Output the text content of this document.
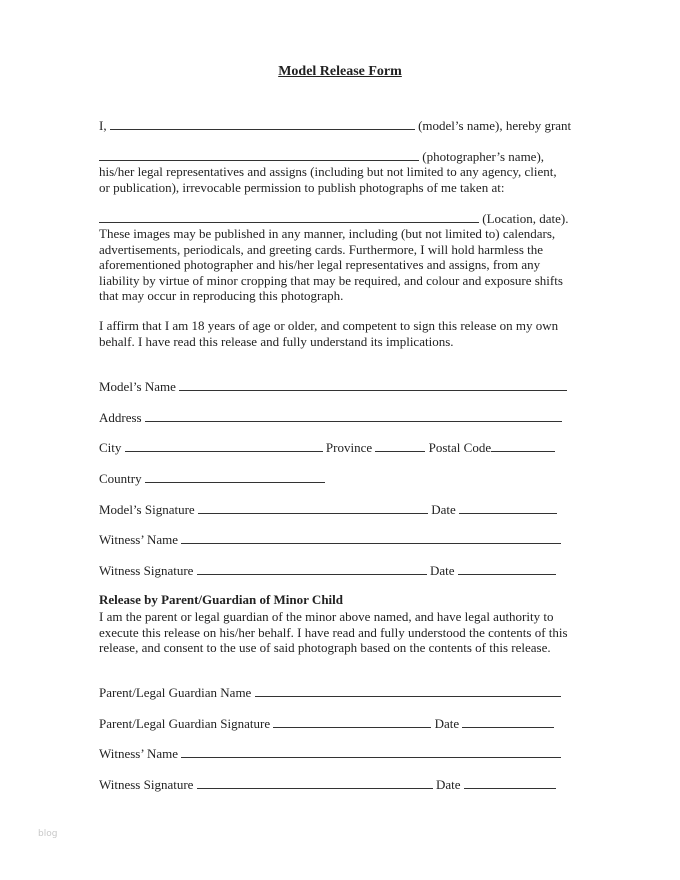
Model Release Form
I,	(model’s name), hereby grant
(photographer’s name),
his/her legal representatives and assigns (including but not limited to any agency, client,
or publication), irrevocable permission to publish photographs of me taken at:
(Location, date).

These images may be published in any manner, including (but not limited to) calendars, advertisements, periodicals, and greeting cards. Furthermore, I will hold harmless the aforementioned photographer and his/her legal representatives and assigns, from any liability by virtue of minor cropping that may be required, and colour and exposure shifts that may occur in reproducing this photograph.

I affirm that I am 18 years of age or older, and competent to sign this release on my own behalf. I have read this release and fully understand its implications.

Model’s Name
Address
City	Province	Postal Code
Country
Model’s Signature	Date
Witness’ Name
Witness Signature	Date
Release by Parent/Guardian of Minor Child

I am the parent or legal guardian of the minor above named, and have legal authority to execute this release on his/her behalf. I have read and fully understood the contents of this release, and consent to the use of said photograph based on the contents of this release.

Parent/Legal Guardian Name
Parent/Legal Guardian Signature	Date
Witness’ Name
Witness Signature	Date
blog
